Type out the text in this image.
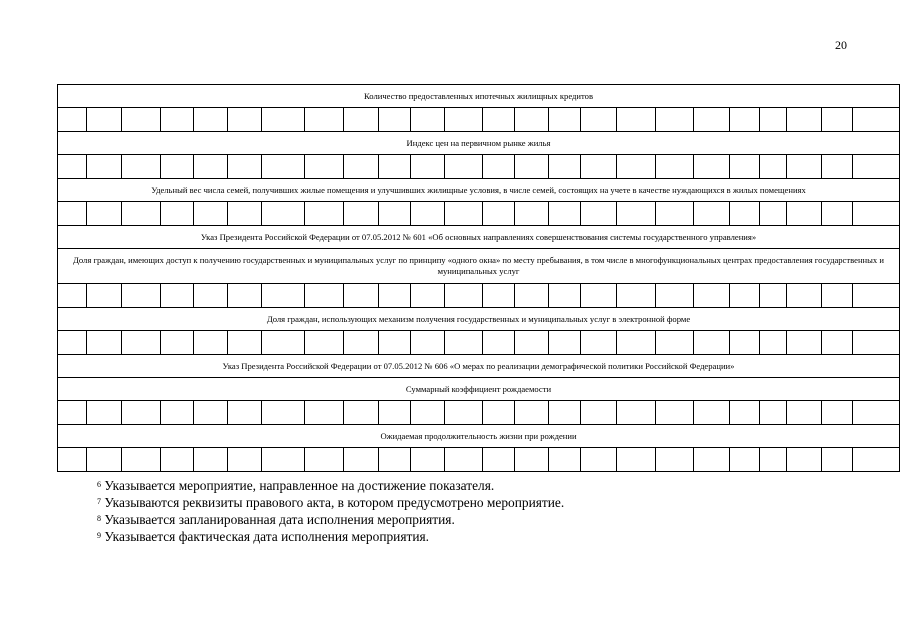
20
Количество предоставленных ипотечных жилищных кредитов																							

Индекс цен на первичном рынке жилья																							

Удельный вес числа семей, получивших жилые помещения и улучшивших жилищные условия, в числе семей, состоящих на учете в качестве нуждающихся в жилых помещениях																							

Указ Президента Российской Федерации от 07.05.2012 № 601 «Об основных направлениях совершенствования системы государственного управления»																							
Доля граждан, имеющих доступ к получению государственных и муниципальных услуг по принципу «одного окна» по месту пребывания, в том числе в многофункциональных центрах предоставления государственных и муниципальных услуг																							

Доля граждан, использующих механизм получения государственных и муниципальных услуг в электронной форме																							

Указ Президента Российской Федерации от 07.05.2012 № 606 «О мерах по реализации демографической политики Российской Федерации»																							
Суммарный коэффициент рождаемости																							

Ожидаемая продолжительность жизни при рождении																							

$^6$ Указывается мероприятие, направленное на достижение показателя.
$^7$ Указываются реквизиты правового акта, в котором предусмотрено мероприятие.
$^8$ Указывается запланированная дата исполнения мероприятия.
$^9$ Указывается фактическая дата исполнения мероприятия.
